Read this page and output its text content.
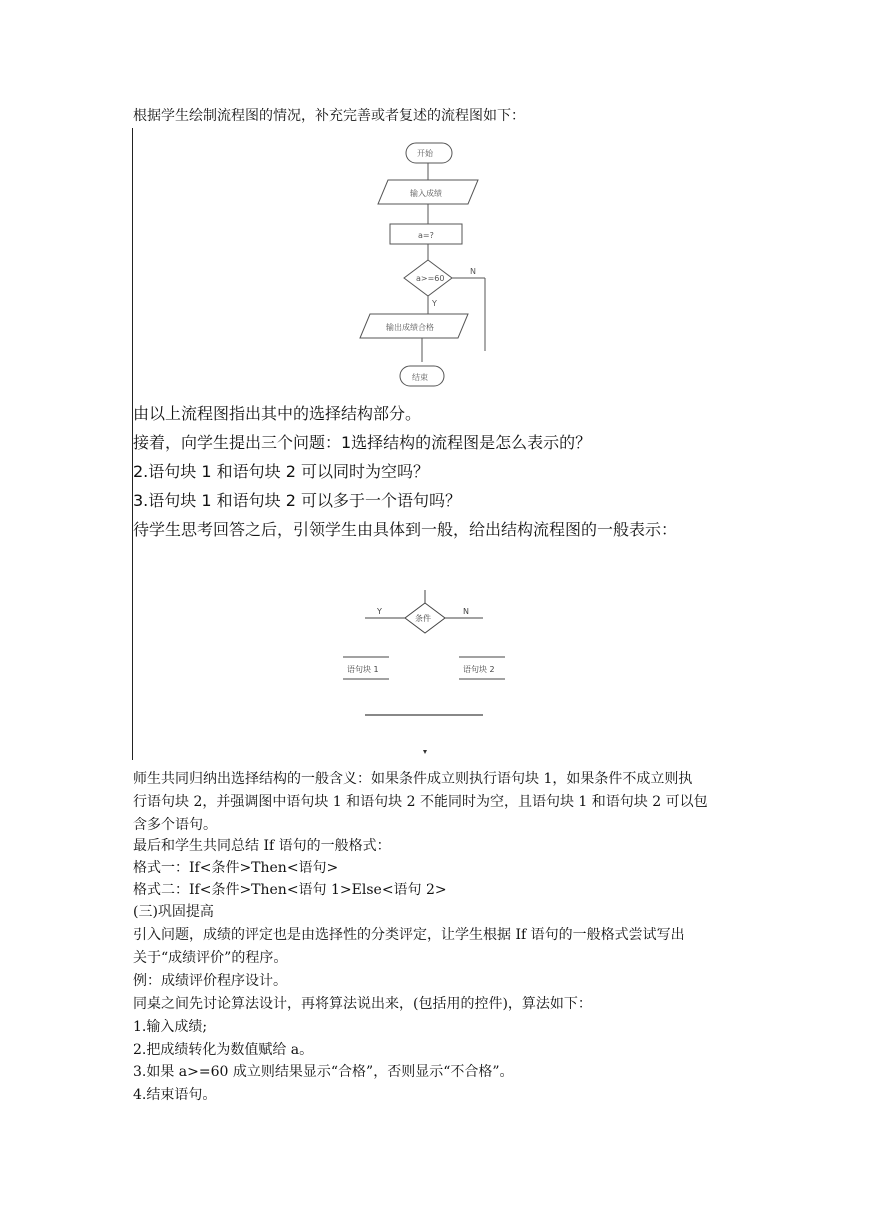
根据学生绘制流程图的情况，补充完善或者复述的流程图如下：
开始
输入成绩
a=?
a>=60
N
Y
输出成绩合格
结束
由以上流程图指出其中的选择结构部分。
接着，向学生提出三个问题：1选择结构的流程图是怎么表示的？
2.语句块 1 和语句块 2 可以同时为空吗？
3.语句块 1 和语句块 2 可以多于一个语句吗？
待学生思考回答之后，引领学生由具体到一般，给出结构流程图的一般表示：
Y	N
条件
语句块 1	语句块 2
师生共同归纳出选择结构的一般含义：如果条件成立则执行语句块 1，如果条件不成立则执
行语句块 2，并强调图中语句块 1 和语句块 2 不能同时为空，且语句块 1 和语句块 2 可以包
含多个语句。
最后和学生共同总结 If 语句的一般格式：
格式一：If<条件>Then<语句>
格式二：If<条件>Then<语句 1>Else<语句 2>
(三)巩固提高
引入问题，成绩的评定也是由选择性的分类评定，让学生根据 If 语句的一般格式尝试写出
关于“成绩评价”的程序。
例：成绩评价程序设计。
同桌之间先讨论算法设计，再将算法说出来，(包括用的控件)，算法如下：
1.输入成绩;
2.把成绩转化为数值赋给 a。
3.如果 a>=60 成立则结果显示“合格”，否则显示“不合格”。
4.结束语句。
